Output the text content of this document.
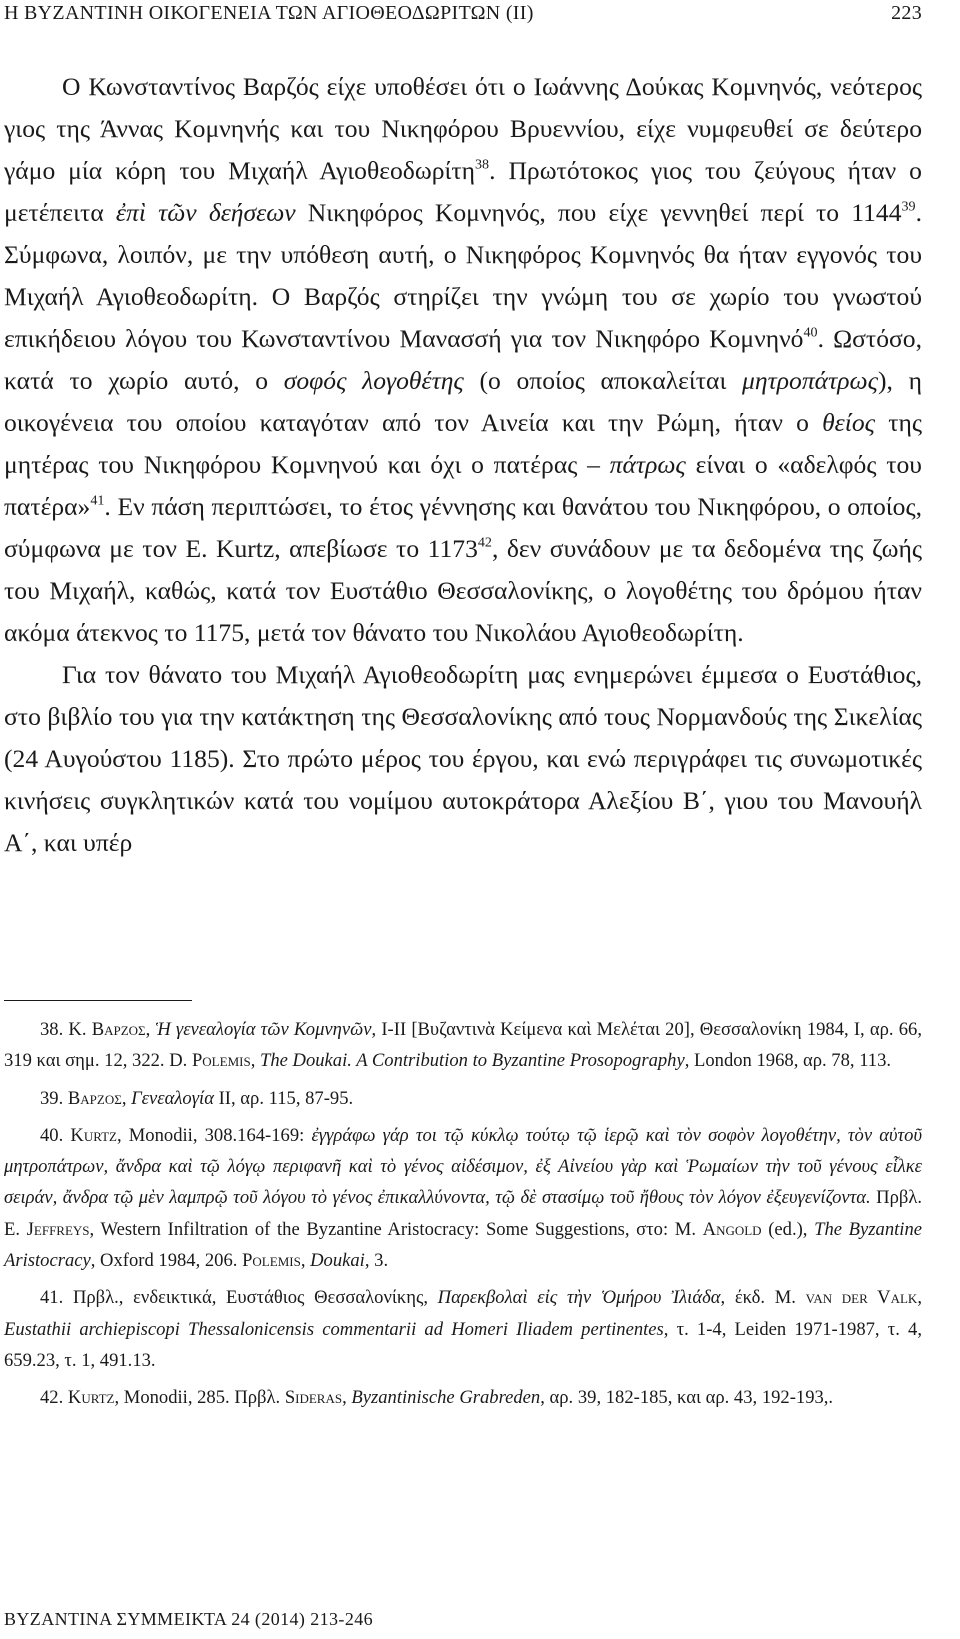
Η ΒΥΖΑΝΤΙΝΗ ΟΙΚΟΓΕΝΕΙΑ ΤΩΝ ΑΓΙΟΘΕΟΔΩΡΙΤΩΝ (ΙΙ)	223

Ο Κωνσταντίνος Βαρζός είχε υποθέσει ότι ο Ιωάννης Δούκας Κομνηνός, νεότερος γιος της Άννας Κομνηνής και του Νικηφόρου Βρυεννίου, είχε νυμφευθεί σε δεύτερο γάμο μία κόρη του Μιχαήλ Αγιοθεοδωρίτη$^{38}$. Πρωτότοκος γιος του ζεύγους ήταν ο μετέπειτα ἐπὶ τῶν δεήσεων Νικηφόρος Κομνηνός, που είχε γεννηθεί περί το 1144$^{39}$. Σύμφωνα, λοιπόν, με την υπόθεση αυτή, ο Νικηφόρος Κομνηνός θα ήταν εγγονός του Μιχαήλ Αγιοθεοδωρίτη. Ο Βαρζός στηρίζει την γνώμη του σε χωρίο του γνωστού επικήδειου λόγου του Κωνσταντίνου Μανασσή για τον Νικηφόρο Κομνηνό$^{40}$. Ωστόσο, κατά το χωρίο αυτό, ο σοφός λογοθέτης (ο οποίος αποκαλείται μητροπάτρως), η οικογένεια του οποίου καταγόταν από τον Αινεία και την Ρώμη, ήταν ο θείος της μητέρας του Νικηφόρου Κομνηνού και όχι ο πατέρας – πάτρως είναι ο «αδελφός του πατέρα»$^{41}$. Εν πάση περιπτώσει, το έτος γέννησης και θανάτου του Νικηφόρου, ο οποίος, σύμφωνα με τον E. Kurtz, απεβίωσε το 1173$^{42}$, δεν συνάδουν με τα δεδομένα της ζωής του Μιχαήλ, καθώς, κατά τον Ευστάθιο Θεσσαλονίκης, ο λογοθέτης του δρόμου ήταν ακόμα άτεκνος το 1175, μετά τον θάνατο του Νικολάου Αγιοθεοδωρίτη.

Για τον θάνατο του Μιχαήλ Αγιοθεοδωρίτη μας ενημερώνει έμμεσα ο Ευστάθιος, στο βιβλίο του για την κατάκτηση της Θεσσαλονίκης από τους Νορμανδούς της Σικελίας (24 Αυγούστου 1185). Στο πρώτο μέρος του έργου, και ενώ περιγράφει τις συνωμοτικές κινήσεις συγκλητικών κατά του νομίμου αυτοκράτορα Αλεξίου Β΄, γιου του Μανουήλ Α΄, και υπέρ

38. K. Βαρζος, Ἡ γενεαλογία τῶν Κομνηνῶν, I-II [Βυζαντινὰ Κείμενα καὶ Μελέται 20], Θεσσαλονίκη 1984, I, αρ. 66, 319 και σημ. 12, 322. D. Polemis, The Doukai. A Contribution to Byzantine Prosopography, London 1968, αρ. 78, 113.

39. Βαρζος, Γενεαλογία II, αρ. 115, 87-95.

40. Kurtz, Monodii, 308.164-169: ἐγγράφω γάρ τοι τῷ κύκλῳ τούτῳ τῷ ἱερῷ καὶ τὸν σοφὸν λογοθέτην, τὸν αὐτοῦ μητροπάτρων, ἄνδρα καὶ τῷ λόγῳ περιφανῆ καὶ τὸ γένος αἰδέσιμον, ἐξ Αἰνείου γὰρ καὶ Ῥωμαίων τὴν τοῦ γένους εἷλκε σειράν, ἄνδρα τῷ μὲν λαμπρῷ τοῦ λόγου τὸ γένος ἐπικαλλύνοντα, τῷ δὲ στασίμῳ τοῦ ἤθους τὸν λόγον ἐξευγενίζοντα. Πρβλ. E. Jeffreys, Western Infiltration of the Byzantine Aristocracy: Some Suggestions, στο: M. Angold (ed.), The Byzantine Aristocracy, Oxford 1984, 206. Polemis, Doukai, 3.

41. Πρβλ., ενδεικτικά, Ευστάθιος Θεσσαλονίκης, Παρεκβολαὶ εἰς τὴν Ὁμήρου Ἰλιάδα, έκδ. M. van der Valk, Eustathii archiepiscopi Thessalonicensis commentarii ad Homeri Iliadem pertinentes, τ. 1-4, Leiden 1971-1987, τ. 4, 659.23, τ. 1, 491.13.

42. Kurtz, Monodii, 285. Πρβλ. Sideras, Byzantinische Grabreden, αρ. 39, 182-185, και αρ. 43, 192-193,.

ΒΥΖΑΝΤΙΝΑ ΣΥΜΜΕΙΚΤΑ 24 (2014) 213-246
